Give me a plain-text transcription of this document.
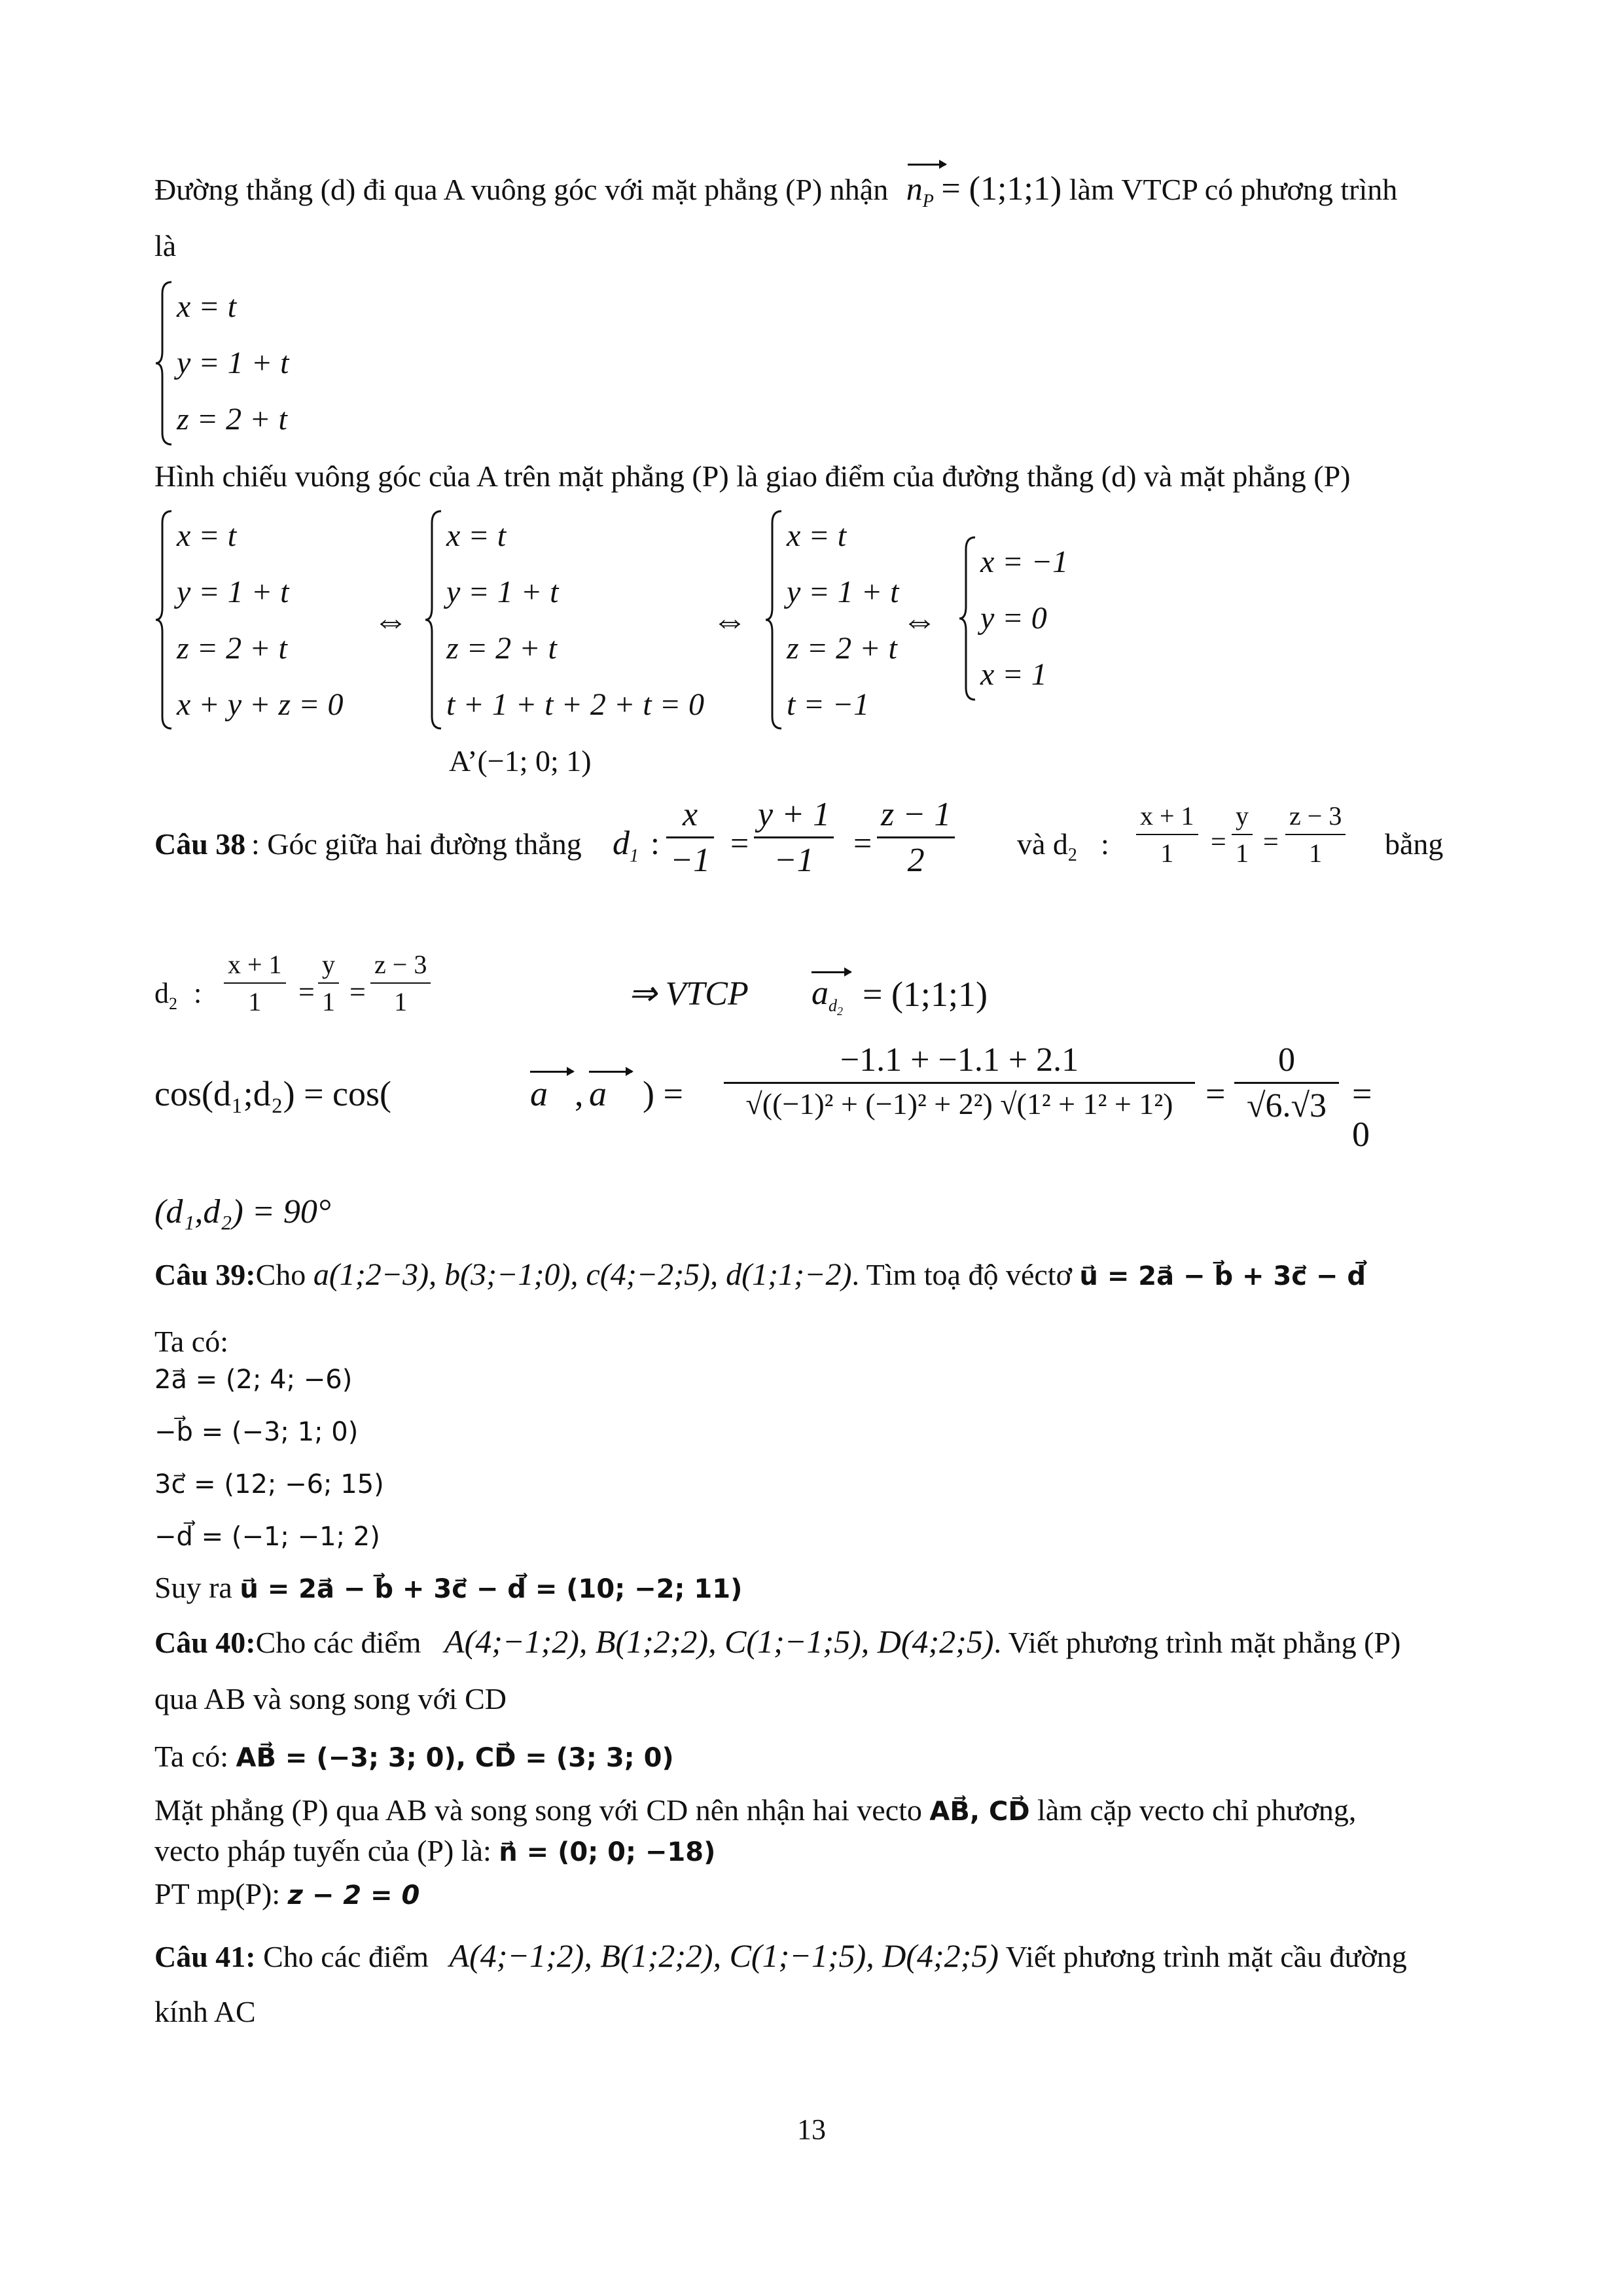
Đường thẳng (d) đi qua A vuông góc với mặt phẳng (P) nhận $n_P$ = (1;1;1) làm VTCP có phương trình
là
x = t
y = 1 + t
z = 2 + t
Hình chiếu vuông góc của A trên mặt phẳng (P) là giao điểm của đường thẳng (d) và mặt phẳng (P)
x = t
y = 1 + t
z = 2 + t
x + y + z = 0
⇔
x = t
y = 1 + t
z = 2 + t
t + 1 + t + 2 + t = 0
⇔
x = t
y = 1 + t
z = 2 + t
t = −1
⇔
x = −1
y = 0
x = 1
A’(−1; 0; 1)
Câu 38 : Góc giữa hai đường thẳng $d_1$ :
x
−1 =
y + 1
−1	=
z − 1
2	và $d_2$ :
x + 1
1	=
y
1 =
z − 3
1	bằng
$d_2$ :
x + 1
1	=
y
1 =
z − 3
1	⇒ VTCP $a_{d_2}$ = (1;1;1)
cos(d₁;d₂) = cos(	a , a ) =
−1.1 + −1.1 + 2.1
√((−1)² + (−1)² + 2²) √(1² + 1² + 1²) =
0
√6.√3 = 0
(d₁,d₂) = 90°
Câu 39:Cho a(1;2−3), b(3;−1;0), c(4;−2;5), d(1;1;−2). Tìm toạ độ véctơ u⃗ = 2a⃗ − b⃗ + 3c⃗ − d⃗
Ta có:
2a⃗ = (2; 4; −6)
−b⃗ = (−3; 1; 0)
3c⃗ = (12; −6; 15)
−d⃗ = (−1; −1; 2)
Suy ra u⃗ = 2a⃗ − b⃗ + 3c⃗ − d⃗ = (10; −2; 11)
Câu 40:Cho các điểm A(4;−1;2), B(1;2;2), C(1;−1;5), D(4;2;5). Viết phương trình mặt phẳng (P)
qua AB và song song với CD
Ta có: AB⃗ = (−3; 3; 0), CD⃗ = (3; 3; 0)
Mặt phẳng (P) qua AB và song song với CD nên nhận hai vecto AB⃗, CD⃗ làm cặp vecto chỉ phương,
vecto pháp tuyến của (P) là: n⃗ = (0; 0; −18)
PT mp(P): z − 2 = 0
Câu 41: Cho các điểm A(4;−1;2), B(1;2;2), C(1;−1;5), D(4;2;5) Viết phương trình mặt cầu đường
kính AC
13
